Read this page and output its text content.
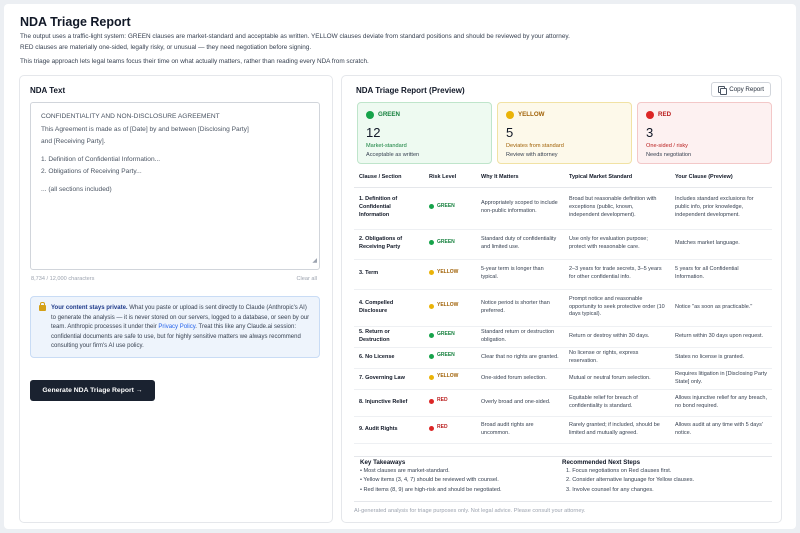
NDA Triage Report
The output uses a traffic-light system: GREEN clauses are market-standard and acceptable as written. YELLOW clauses deviate from standard positions and should be reviewed by your attorney.
RED clauses are materially one-sided, legally risky, or unusual — they need negotiation before signing.
This triage approach lets legal teams focus their time on what actually matters, rather than reading every NDA from scratch.
NDA Text
CONFIDENTIALITY AND NON-DISCLOSURE AGREEMENT
This Agreement is made as of [Date] by and between [Disclosing Party]
and [Receiving Party].
1. Definition of Confidential Information...
2. Obligations of Receiving Party...
... (all sections included)
◢
8,734 / 12,000 characters	Clear all
Your content stays private. What you paste or upload is sent directly to Claude (Anthropic's AI) to generate the analysis — it is never stored on our servers, logged to a database, or seen by our team. Anthropic processes it under their Privacy Policy. Treat this like any Claude.ai session: confidential documents are safe to use, but for highly sensitive matters we always recommend consulting your firm's AI use policy.
Generate NDA Triage Report →
NDA Triage Report (Preview)	Copy Report
GREEN
12
Market-standard
Acceptable as written
YELLOW
5
Deviates from standard
Review with attorney
RED
3
One-sided / risky
Needs negotiation
Clause / Section	Risk Level	Why It Matters	Typical Market Standard	Your Clause (Preview)
1. Definition of Confidential Information	GREEN	Appropriately scoped to include non-public information.	Broad but reasonable definition with exceptions (public, known, independent development).	Includes standard exclusions for public info, prior knowledge, independent development.
2. Obligations of Receiving Party	GREEN	Standard duty of confidentiality and limited use.	Use only for evaluation purpose; protect with reasonable care.	Matches market language.
3. Term	YELLOW	5-year term is longer than typical.	2–3 years for trade secrets, 3–5 years for other confidential info.	5 years for all Confidential Information.
4. Compelled Disclosure	YELLOW	Notice period is shorter than preferred.	Prompt notice and reasonable opportunity to seek protective order (10 days typical).	Notice "as soon as practicable."
5. Return or Destruction	GREEN	Standard return or destruction obligation.	Return or destroy within 30 days.	Return within 30 days upon request.
6. No License	GREEN	Clear that no rights are granted.	No license or rights, express reservation.	States no license is granted.
7. Governing Law	YELLOW	One-sided forum selection.	Mutual or neutral forum selection.	Requires litigation in [Disclosing Party State] only.
8. Injunctive Relief	RED	Overly broad and one-sided.	Equitable relief for breach of confidentiality is standard.	Allows injunctive relief for any breach, no bond required.
9. Audit Rights	RED	Broad audit rights are uncommon.	Rarely granted; if included, should be limited and mutually agreed.	Allows audit at any time with 5 days' notice.
Key Takeaways
• Most clauses are market-standard.
• Yellow items (3, 4, 7) should be reviewed with counsel.
• Red items (8, 9) are high-risk and should be negotiated.
Recommended Next Steps
1. Focus negotiations on Red clauses first.
2. Consider alternative language for Yellow clauses.
3. Involve counsel for any changes.
AI-generated analysis for triage purposes only. Not legal advice. Please consult your attorney.
